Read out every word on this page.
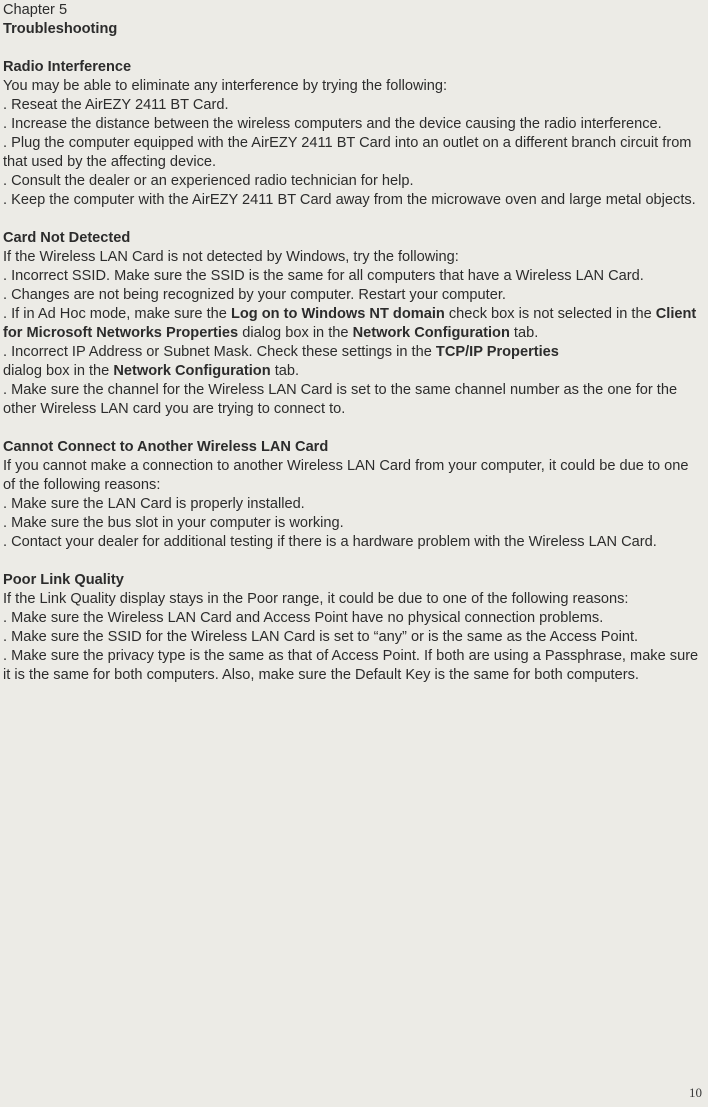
Chapter 5

Troubleshooting

Radio Interference

You may be able to eliminate any interference by trying the following:

. Reseat the AirEZY 2411 BT Card.

. Increase the distance between the wireless computers and the device causing the radio interference.

. Plug the computer equipped with the AirEZY 2411 BT Card into an outlet on a different branch circuit from that used by the affecting device.

. Consult the dealer or an experienced radio technician for help.

. Keep the computer with the AirEZY 2411 BT Card away from the microwave oven and large metal objects.

Card Not Detected

If the Wireless LAN Card is not detected by Windows, try the following:

. Incorrect SSID. Make sure the SSID is the same for all computers that have a Wireless LAN Card.

. Changes are not being recognized by your computer. Restart your computer.

. If in Ad Hoc mode, make sure the Log on to Windows NT domain check box is not selected in the Client for Microsoft Networks Properties dialog box in the Network Configuration tab.

. Incorrect IP Address or Subnet Mask. Check these settings in the TCP/IP Properties
dialog box in the Network Configuration tab.

. Make sure the channel for the Wireless LAN Card is set to the same channel number as the one for the other Wireless LAN card you are trying to connect to.

Cannot Connect to Another Wireless LAN Card

If you cannot make a connection to another Wireless LAN Card from your computer, it could be due to one of the following reasons:

. Make sure the LAN Card is properly installed.

. Make sure the bus slot in your computer is working.

. Contact your dealer for additional testing if there is a hardware problem with the Wireless LAN Card.

Poor Link Quality

If the Link Quality display stays in the Poor range, it could be due to one of the following reasons:

. Make sure the Wireless LAN Card and Access Point have no physical connection problems.

. Make sure the SSID for the Wireless LAN Card is set to “any” or is the same as the Access Point.

. Make sure the privacy type is the same as that of Access Point. If both are using a Passphrase, make sure it is the same for both computers. Also, make sure the Default Key is the same for both computers.

10
